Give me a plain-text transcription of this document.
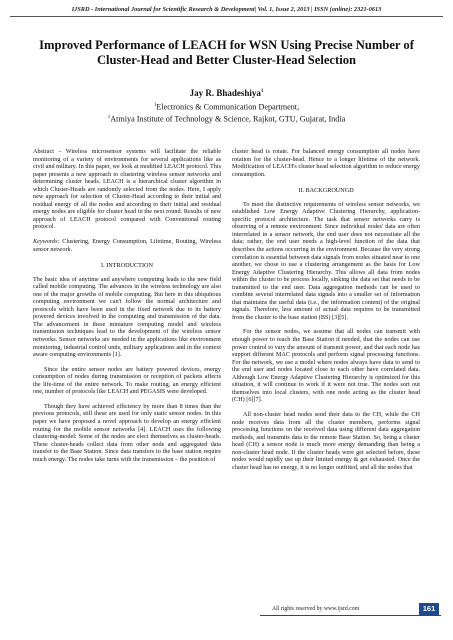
IJSRD - International Journal for Scientific Research & Development| Vol. 1, Issue 2, 2013 | ISSN (online): 2321-0613
Improved Performance of LEACH for WSN Using Precise Number of Cluster-Head and Better Cluster-Head Selection
Jay R. Bhadeshiya$^1$
$^1$Electronics & Communication Department,
$^1$Atmiya Institute of Technology & Science, Rajkot, GTU, Gujarat, India

Abstract – Wireless microsensor systems will facilitate the reliable monitoring of a variety of environments for several applications like as civil and military. In this paper, we look at modified LEACH protocol. This paper presents a new approach to clustering wireless sensor networks and determining cluster heads. LEACH is a hierarchical cluster algorithm in which Cluster-Heads are randomly selected from the nodes. Here, I apply new approach for selection of Cluster-Head according to their initial and residual energy of all the nodes and according to their initial and residual energy nodes are eligible for cluster head in the next round. Results of new approach of LEACH protocol compared with Conventional routing protocol.

Keywords: Clustering, Energy Consumption, Lifetime, Routing, Wireless sensor network.

I. INTRODUCTION

The basic idea of anytime and anywhere computing leads to the new field called mobile computing. The advances in the wireless technology are also one of the major growths of mobile computing. But here in this ubiquitous computing environment we can't follow the normal architecture and protocols which have been used in the fixed network due to its battery powered devices involved in the computing and transmission of the data. The advancement in these miniature computing model and wireless transmission techniques lead to the development of the wireless sensor networks. Sensor networks are needed in the applications like environment monitoring, industrial control units, military applications and in the context aware computing environments [1].

Since the entire sensor nodes are battery powered devices, energy consumption of nodes during transmission or reception of packets affects the life-time of the entire network. To make routing, an energy efficient one, number of protocols like LEACH and PEGASIS were developed.

Though they have achieved efficiency by more than 8 times than the previous protocols, still these are used for only static sensor nodes. In this paper we have proposed a novel approach to develop an energy efficient routing for the mobile sensor networks [4]. LEACH uses the following clustering-model: Some of the nodes are elect themselves as cluster-heads. These cluster-heads collect data from other node and aggregated data transfer to the Base Station. Since data transfers to the base station require much energy. The nodes take turns with the transmission – the position of

cluster head is rotate. For balanced energy consumption all nodes have rotation for the cluster-head. Hence to a longer lifetime of the network. Modification of LEACH's cluster head selection algorithm to reduce energy consumption.

II. BACKGROUNGD

To meet the distinctive requirements of wireless sensor networks, we established Low Energy Adaptive Clustering Hierarchy, application-specific protocol architecture. The task that sensor networks carry is observing of a remote environment. Since individual nodes' data are often interrelated in a sensor network, the end user does not necessitate all the data; rather, the end user needs a high-level function of the data that describes the actions occurring in the environment. Because the very strong correlation is essential between data signals from nodes situated near to one another, we chose to use a clustering arrangement as the basis for Low Energy Adaptive Clustering Hierarchy. This allows all data from nodes within the cluster to be process locally, sinking the data set that needs to be transmitted to the end user. Data aggregation methods can be used to combine several interrelated data signals into a smaller set of information that maintains the useful data (i.e., the information content) of the original signals. Therefore, less amount of actual data requires to be transmitted from the cluster to the base station (BS) [3][5].

For the sensor nodes, we assume that all nodes can transmit with enough power to reach the Base Station if needed, that the nodes can use power control to vary the amount of transmit power, and that each node has support different MAC protocols and perform signal processing functions. For the network, we use a model where nodes always have data to send to the end user and nodes located close to each other have correlated data. Although Low Energy Adaptive Clustering Hierarchy is optimized for this situation, it will continue to work if it were not true. The nodes sort out themselves into local clusters, with one node acting as the cluster head (CH) [6][7].

All non-cluster head nodes send their data to the CH, while the CH node receives data from all the cluster members, performs signal processing functions on the received data using different data aggregation methods, and transmits data to the remote Base Station. So, being a cluster head (CH) a sensor node is much more energy demanding than being a non-cluster head node. If the cluster heads were get selected before, these nodes would rapidly use up their limited energy & get exhausted. Once the cluster head has no energy, it is no longer outfitted, and all the nodes that

All rights reserved by www.ijsrd.com	161
